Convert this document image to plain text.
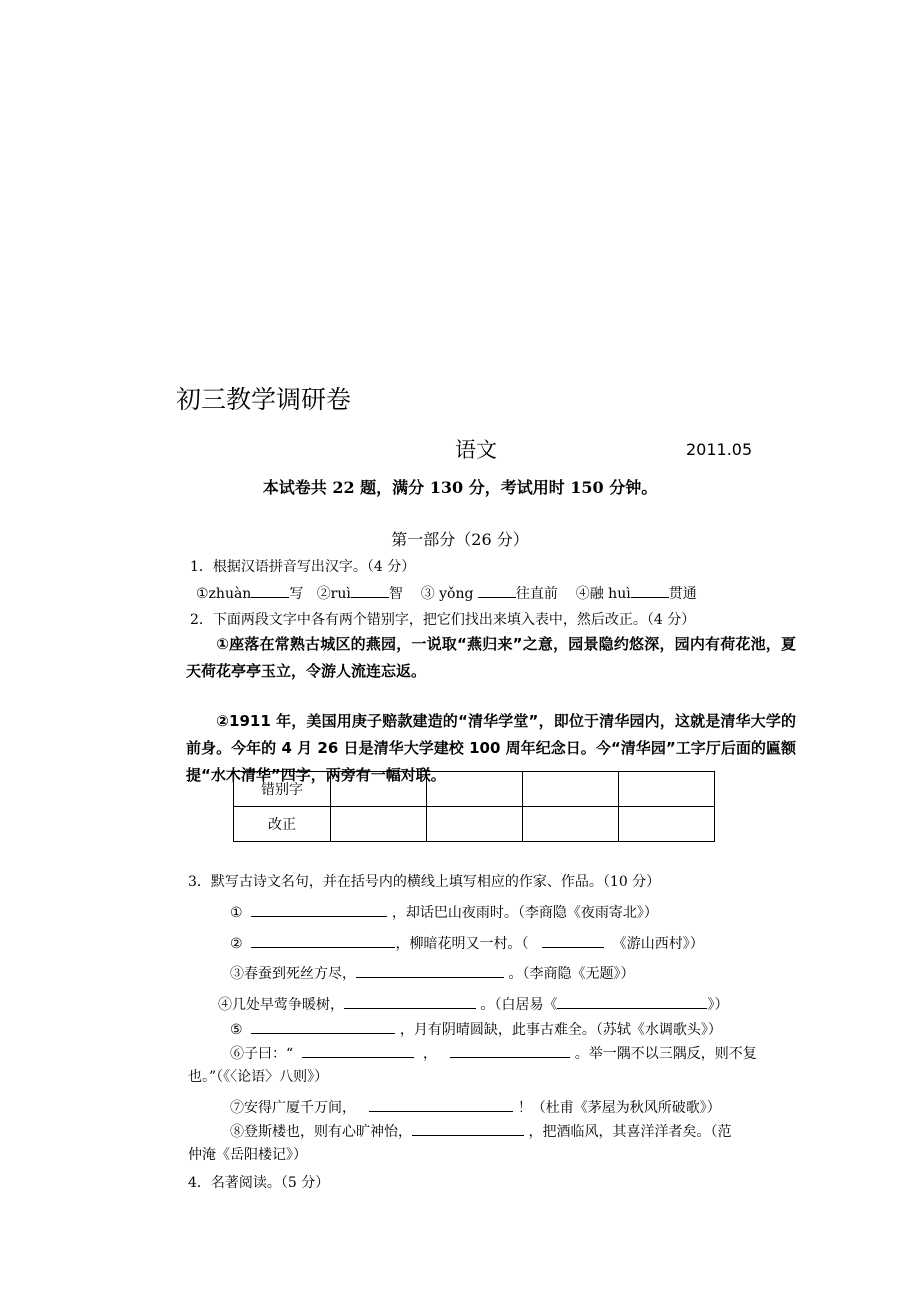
初三教学调研卷
语文	2011.05
本试卷共 22 题，满分 130 分，考试用时 150 分钟。
第一部分（26 分）
1．根据汉语拼音写出汉字。（4 分）
①zhuàn	写 ②ruì	智 ③ yǒng	往直前 ④融 huì	贯通
2．下面两段文字中各有两个错别字，把它们找出来填入表中，然后改正。（4 分）
①座落在常熟古城区的燕园，一说取“燕归来”之意，园景隐约悠深，园内有荷花池，夏天荷花亭亭玉立，令游人流连忘返。
②1911 年，美国用庚子赔款建造的“清华学堂”，即位于清华园内，这就是清华大学的前身。今年的 4 月 26 日是清华大学建校 100 周年纪念日。今“清华园”工字厅后面的匾额提“水木清华”四字，两旁有一幅对联。
错别字				
改正				
3．默写古诗文名句，并在括号内的横线上填写相应的作家、作品。（10 分）
①	，却话巴山夜雨时。（李商隐《夜雨寄北》）
②	，柳暗花明又一村。（	《游山西村》）
③春蚕到死丝方尽，	。（李商隐《无题》）
④几处早莺争暖树，	。（白居易《	》）
⑤	，月有阴晴圆缺，此事古难全。（苏轼《水调歌头》）
⑥子曰：“	，	。举一隅不以三隅反，则不复
也。”（《〈论语〉八则》）
⑦安得广厦千万间，	！（杜甫《茅屋为秋风所破歌》）
⑧登斯楼也，则有心旷神怡，	，把酒临风，其喜洋洋者矣。（范
仲淹《岳阳楼记》）
4．名著阅读。（5 分）
